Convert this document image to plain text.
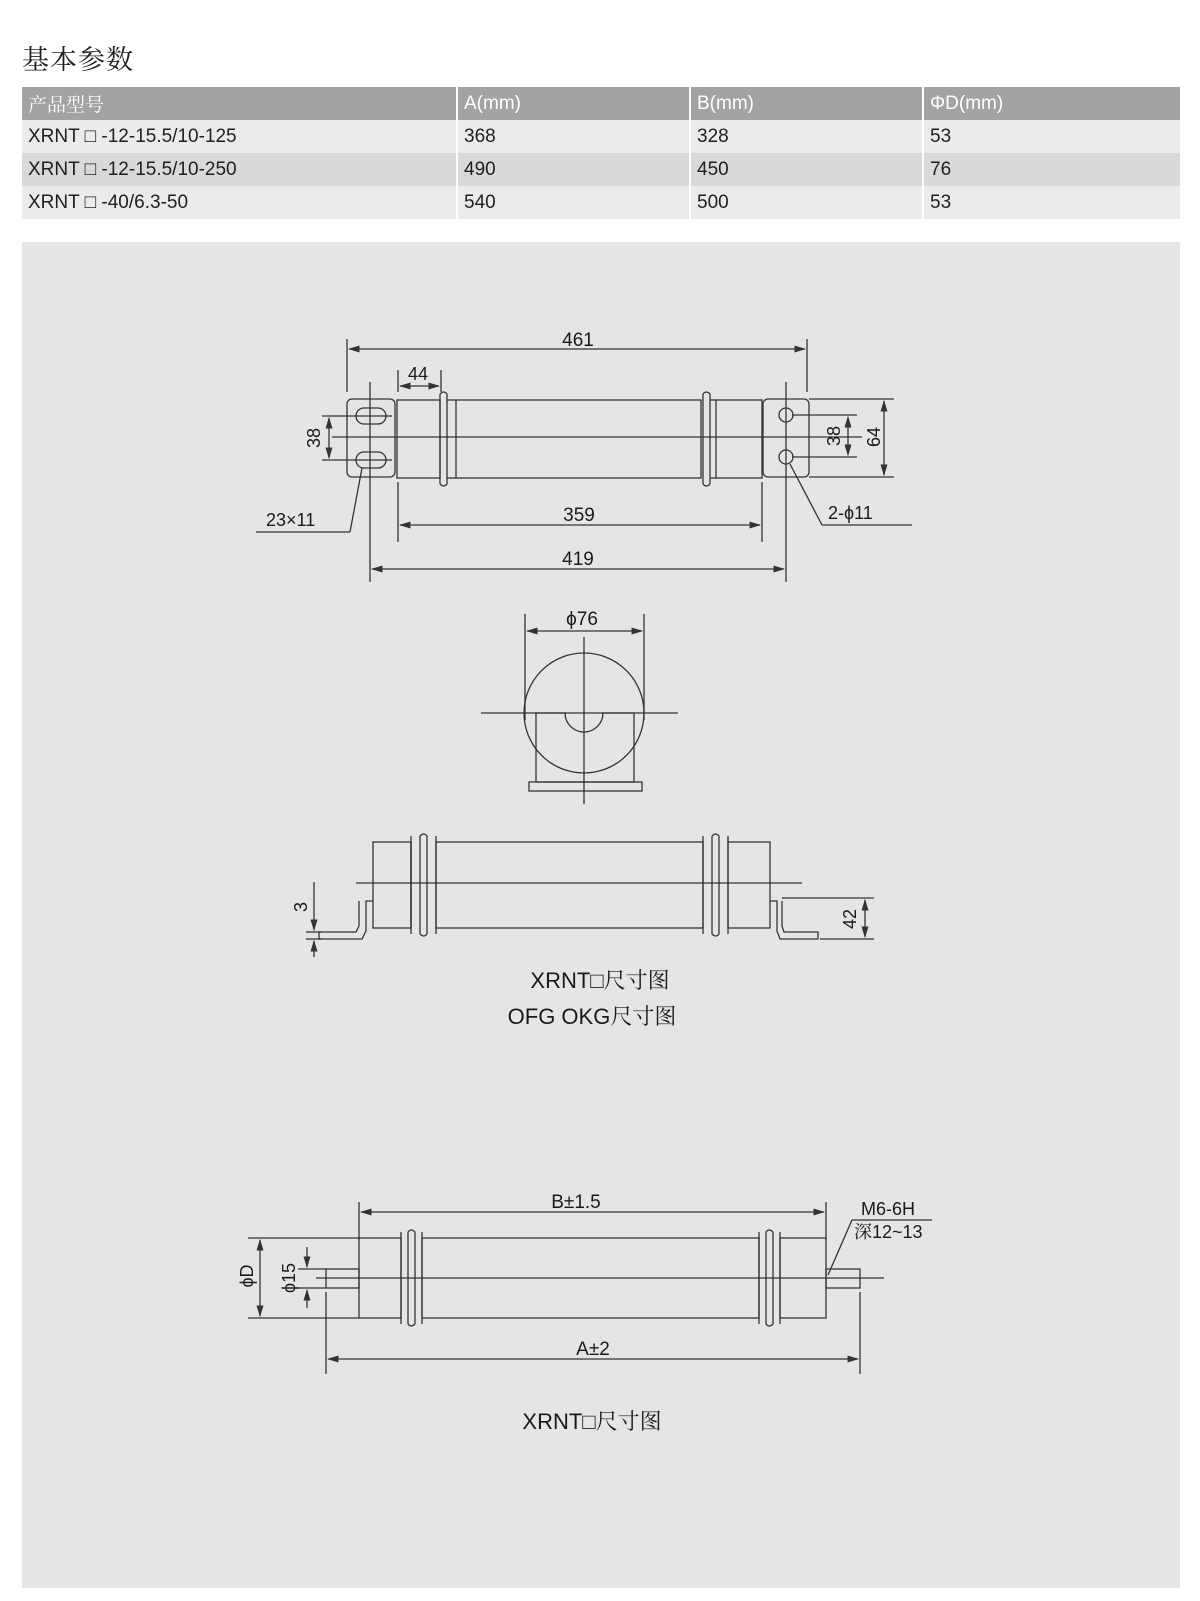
基本参数
产品型号	A(mm)	B(mm)	ΦD(mm)
XRNT □ -12-15.5/10-125	368	328	53
XRNT □ -12-15.5/10-250	490	450	76
XRNT □ -40/6.3-50	540	500	53
461
44
38	38 64
23×11	2-ϕ11
359
419
ϕ76
3
42
XRNT□尺寸图
OFG OKG尺寸图
B±1.5
ϕD ϕ15
M6-6H
深12~13
A±2
XRNT□尺寸图
